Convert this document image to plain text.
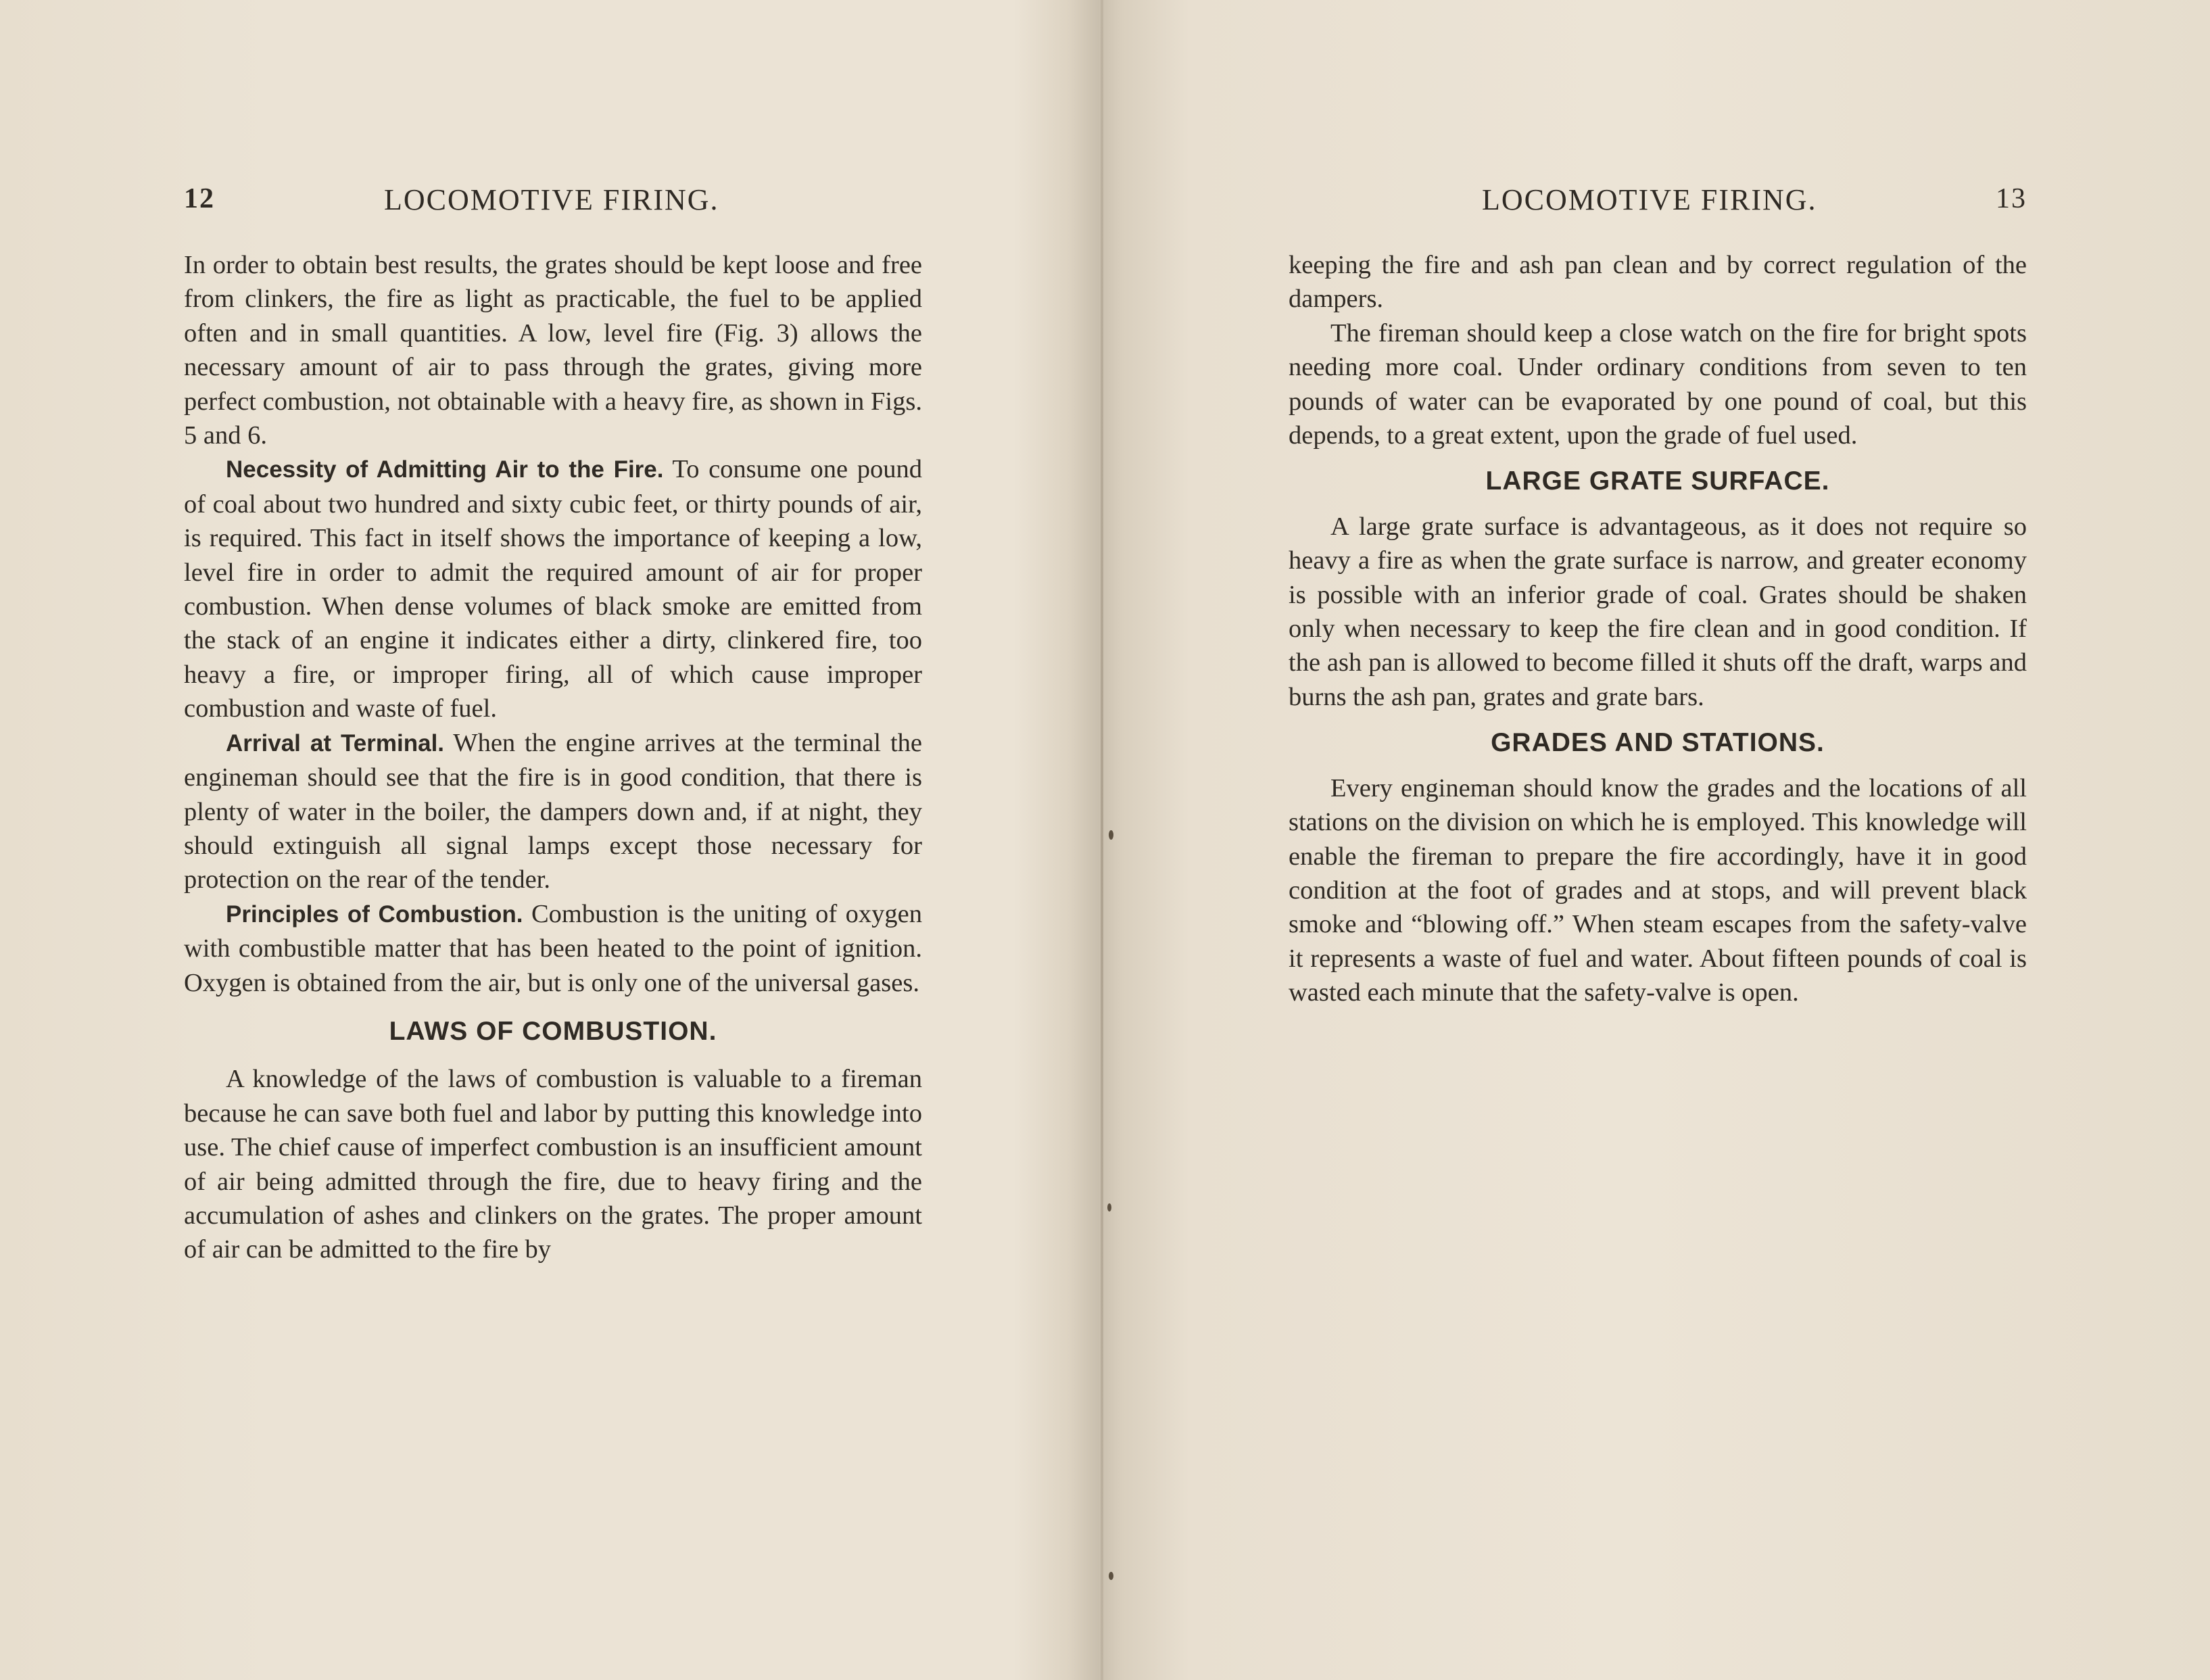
12	LOCOMOTIVE FIRING.

In order to obtain best results, the grates should be kept loose and free from clinkers, the fire as light as practicable, the fuel to be applied often and in small quantities. A low, level fire (Fig. 3) allows the necessary amount of air to pass through the grates, giving more perfect combustion, not obtainable with a heavy fire, as shown in Figs. 5 and 6.

Necessity of Admitting Air to the Fire. To consume one pound of coal about two hundred and sixty cubic feet, or thirty pounds of air, is required. This fact in itself shows the importance of keeping a low, level fire in order to admit the required amount of air for proper combustion. When dense volumes of black smoke are emitted from the stack of an engine it indicates either a dirty, clinkered fire, too heavy a fire, or improper firing, all of which cause improper combustion and waste of fuel.

Arrival at Terminal. When the engine arrives at the terminal the engineman should see that the fire is in good condition, that there is plenty of water in the boiler, the dampers down and, if at night, they should extinguish all signal lamps except those necessary for protection on the rear of the tender.

Principles of Combustion. Combustion is the uniting of oxygen with combustible matter that has been heated to the point of ignition. Oxygen is obtained from the air, but is only one of the universal gases.

LAWS OF COMBUSTION.

A knowledge of the laws of combustion is valuable to a fireman because he can save both fuel and labor by putting this knowledge into use. The chief cause of imperfect combustion is an insufficient amount of air being admitted through the fire, due to heavy firing and the accumulation of ashes and clinkers on the grates. The proper amount of air can be admitted to the fire by

LOCOMOTIVE FIRING.	13

keeping the fire and ash pan clean and by correct regulation of the dampers.

The fireman should keep a close watch on the fire for bright spots needing more coal. Under ordinary conditions from seven to ten pounds of water can be evaporated by one pound of coal, but this depends, to a great extent, upon the grade of fuel used.

LARGE GRATE SURFACE.

A large grate surface is advantageous, as it does not require so heavy a fire as when the grate surface is narrow, and greater economy is possible with an inferior grade of coal. Grates should be shaken only when necessary to keep the fire clean and in good condition. If the ash pan is allowed to become filled it shuts off the draft, warps and burns the ash pan, grates and grate bars.

GRADES AND STATIONS.

Every engineman should know the grades and the locations of all stations on the division on which he is employed. This knowledge will enable the fireman to prepare the fire accordingly, have it in good condition at the foot of grades and at stops, and will prevent black smoke and “blowing off.” When steam escapes from the safety-valve it represents a waste of fuel and water. About fifteen pounds of coal is wasted each minute that the safety-valve is open.
